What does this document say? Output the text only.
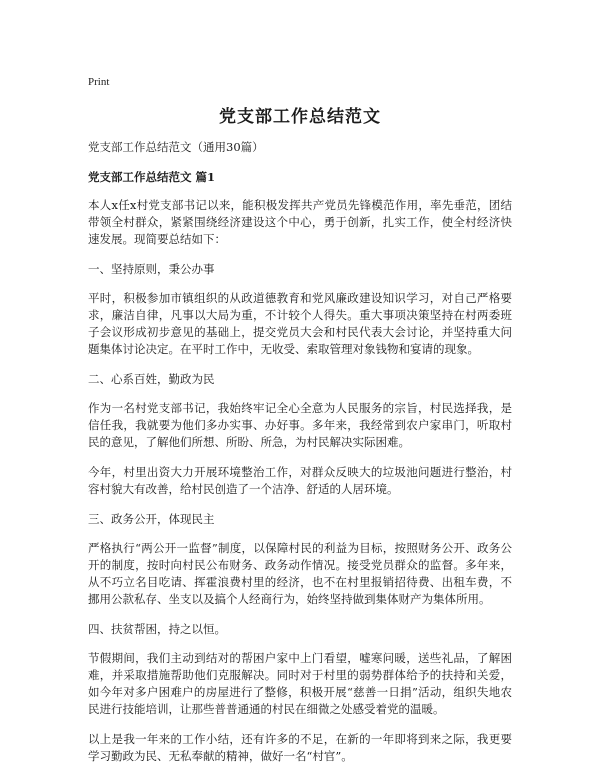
Print
党支部工作总结范文
党支部工作总结范文（通用30篇）
党支部工作总结范文 篇1
本人x任x村党支部书记以来，能积极发挥共产党员先锋模范作用，率先垂范，团结带领全村群众，紧紧围绕经济建设这个中心，勇于创新，扎实工作，使全村经济快速发展。现简要总结如下：
一、坚持原则，秉公办事
平时，积极参加市镇组织的从政道德教育和党风廉政建设知识学习，对自己严格要求，廉洁自律，凡事以大局为重，不计较个人得失。重大事项决策坚持在村两委班子会议形成初步意见的基础上，提交党员大会和村民代表大会讨论，并坚持重大问题集体讨论决定。在平时工作中，无收受、索取管理对象钱物和宴请的现象。
二、心系百姓，勤政为民
作为一名村党支部书记，我始终牢记全心全意为人民服务的宗旨，村民选择我，是信任我，我就要为他们多办实事、办好事。多年来，我经常到农户家串门，听取村民的意见，了解他们所想、所盼、所急，为村民解决实际困难。
今年，村里出资大力开展环境整治工作，对群众反映大的垃圾池问题进行整治，村容村貌大有改善，给村民创造了一个洁净、舒适的人居环境。
三、政务公开，体现民主
严格执行“两公开一监督”制度，以保障村民的利益为目标，按照财务公开、政务公开的制度，按时向村民公布财务、政务动作情况。接受党员群众的监督。多年来，从不巧立名目吃请、挥霍浪费村里的经济，也不在村里报销招待费、出租车费，不挪用公款私存、坐支以及搞个人经商行为，始终坚持做到集体财产为集体所用。
四、扶贫帮困，持之以恒。
节假期间，我们主动到结对的帮困户家中上门看望，嘘寒问暖，送些礼品，了解困难，并采取措施帮助他们克服解决。同时对于村里的弱势群体给予的扶持和关爱，如今年对多户困难户的房屋进行了整修，积极开展“慈善一日捐”活动，组织失地农民进行技能培训，让那些普普通通的村民在细微之处感受着党的温暖。
以上是我一年来的工作小结，还有许多的不足，在新的一年即将到来之际，我更要学习勤政为民、无私奉献的精神，做好一名“村官”。
